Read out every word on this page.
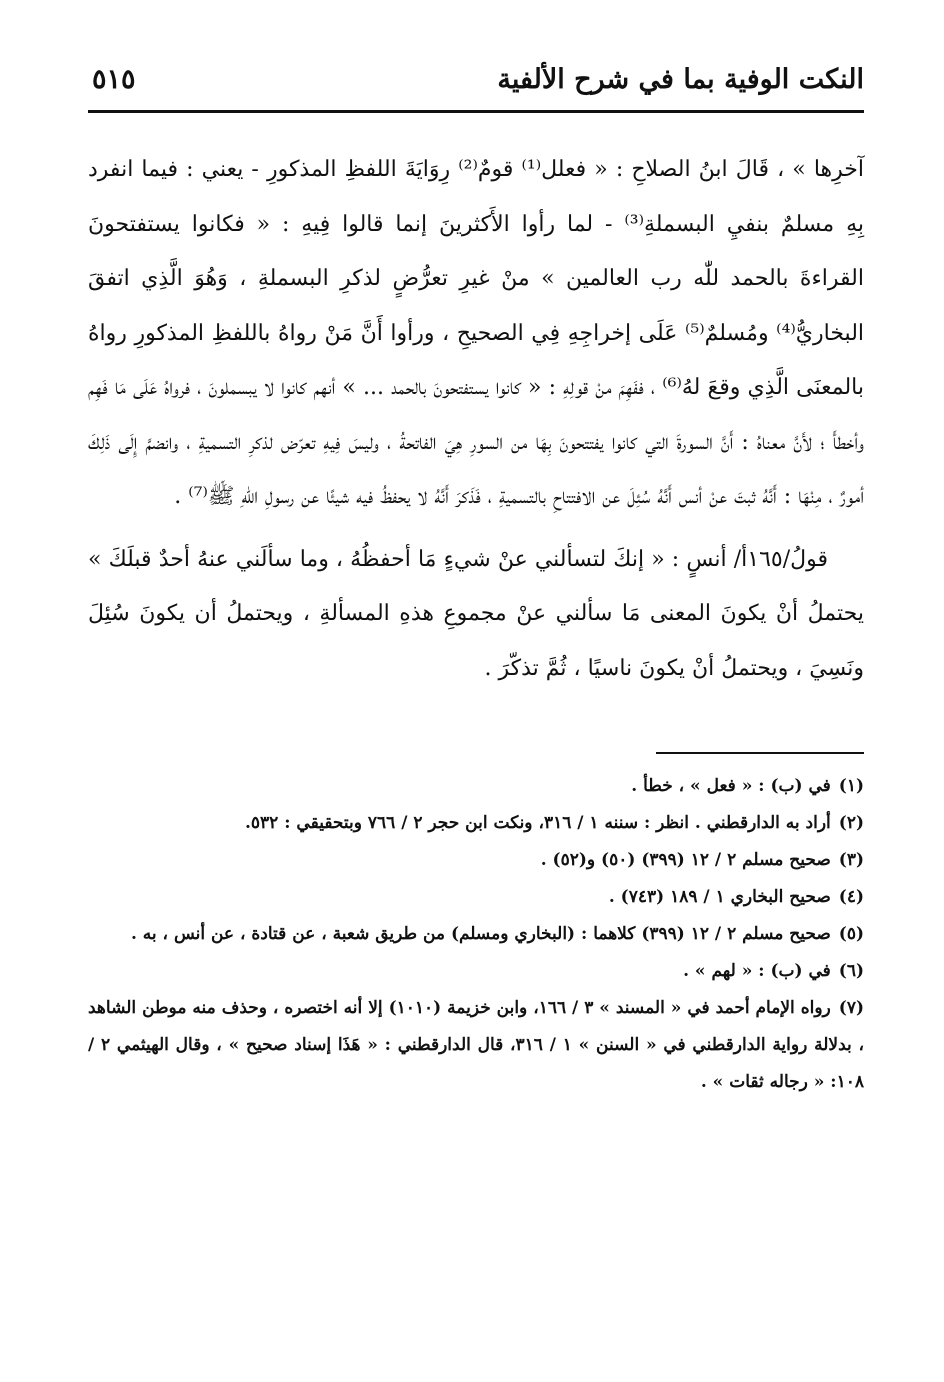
النكت الوفية بما في شرح الألفية
٥١٥

آخرِها » ، قَالَ ابنُ الصلاحِ : « فعلل⁽¹⁾ قومٌ⁽²⁾ رِوَايَةَ اللفظِ المذكورِ - يعني : فيما انفرد بِهِ مسلمٌ بنفيِ البسملةِ⁽³⁾ - لما رأوا الأَكثرينَ إنما قالوا فِيهِ : « فكانوا يستفتحونَ القراءةَ بالحمد للّٰه رب العالمين » منْ غيرِ تعرُّضٍ لذكرِ البسملةِ ، وَهُوَ الَّذِي اتفقَ البخاريُّ⁽⁴⁾ ومُسلمٌ⁽⁵⁾ عَلَى إخراجِهِ فِي الصحيحِ ، ورأوا أَنَّ مَنْ رواهُ باللفظِ المذكورِ رواهُ بالمعنَى الَّذِي وقعَ لهُ⁽⁶⁾ ، ففَهِمَ منْ قولِهِ : « كانوا يستفتحونَ بالحمد ... » أنهم كانوا لا يبسملونَ ، فرواهُ عَلَى مَا فَهِم وأخطأَ ؛ لأَنَّ معناهُ : أَنَّ السورةَ التي كانوا يفتتحونَ بِهَا من السورِ هِيَ الفاتحةُ ، وليسَ فِيهِ تعرّض لذكرِ التسميةِ ، وانضمَّ إِلَى ذَلِكَ أمورٌ ، مِنْهَا : أَنَّهُ ثبتَ عنْ أنس أَنَّهُ سُئِلَ عن الافتتاحِ بالتسميةِ ، فَذَكرَ أَنَّهُ لا يحفظُ فيه شيئًا عن رسولِ اللّهِ ﷺ⁽⁷⁾ .

قولُ/١٦٥أ/ أنسٍ : « إنكَ لتسألني عنْ شيءٍ مَا أحفظُهُ ، وما سألَني عنهُ أحدٌ قبلَكَ » يحتملُ أنْ يكونَ المعنى مَا سألني عنْ مجموعِ هذهِ المسألةِ ، ويحتملُ أن يكونَ سُئِلَ ونَسِيَ ، ويحتملُ أنْ يكونَ ناسيًا ، ثُمَّ تذكّرَ .

(١)في (ب) : « فعل » ، خطأ .

(٢)أراد به الدارقطني . انظر : سننه ١ / ٣١٦، ونكت ابن حجر ٢ / ٧٦٦ وبتحقيقي : ٥٣٢.

(٣)صحيح مسلم ٢ / ١٢ (٣٩٩) (٥٠) و(٥٢) .

(٤)صحيح البخاري ١ / ١٨٩ (٧٤٣) .

(٥)صحيح مسلم ٢ / ١٢ (٣٩٩) كلاهما : (البخاري ومسلم) من طريق شعبة ، عن قتادة ، عن أنس ، به .

(٦)في (ب) : « لهم » .

(٧)رواه الإمام أحمد في « المسند » ٣ / ١٦٦، وابن خزيمة (١٠١٠) إلا أنه اختصره ، وحذف منه موطن الشاهد ، بدلالة رواية الدارقطني في « السنن » ١ / ٣١٦، قال الدارقطني : « هَذَا إسناد صحيح » ، وقال الهيثمي ٢ / ١٠٨: « رجاله ثقات » .
